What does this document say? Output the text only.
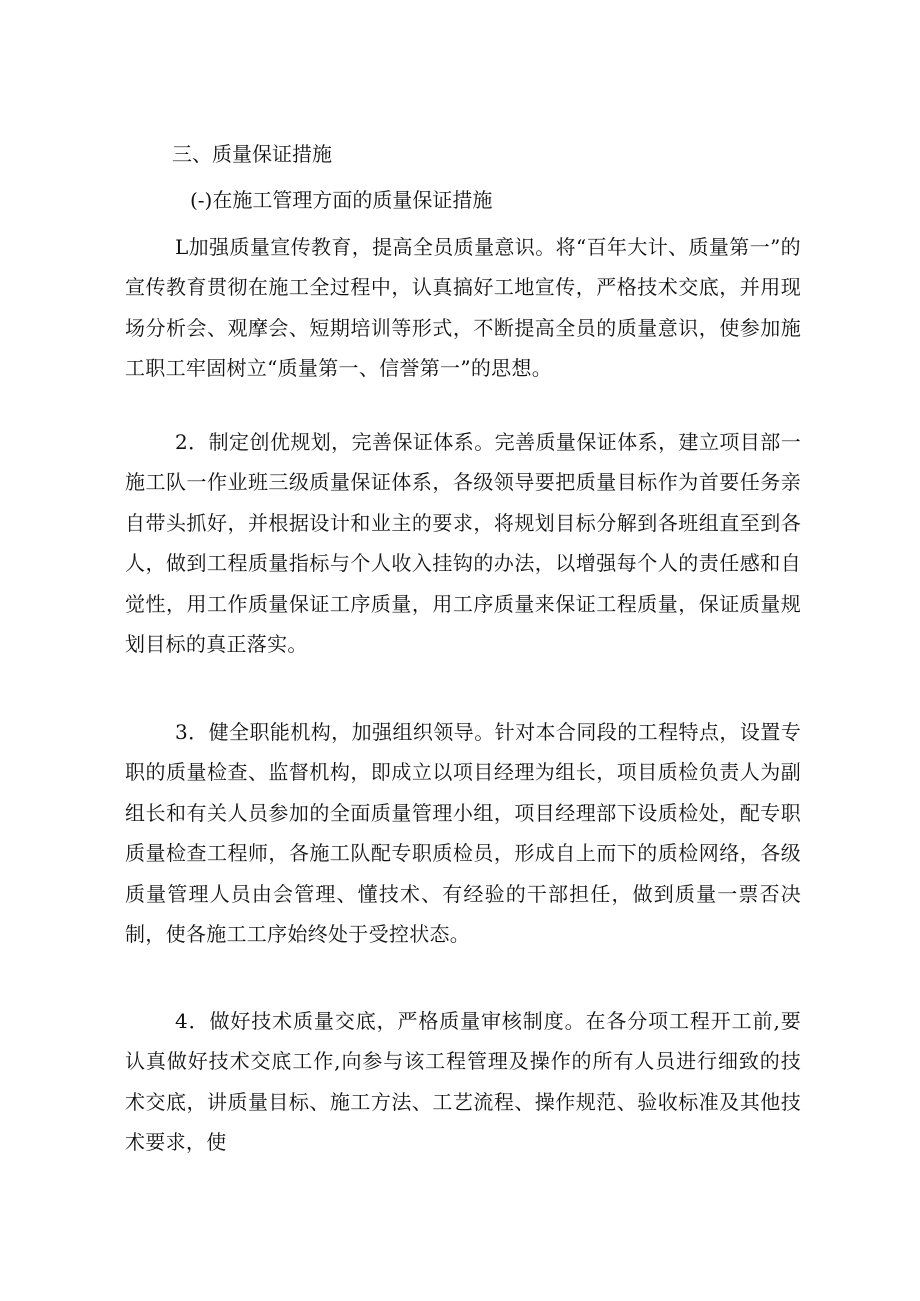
三、质量保证措施
(-)在施工管理方面的质量保证措施

L加强质量宣传教育，提高全员质量意识。将“百年大计、质量第一”的宣传教育贯彻在施工全过程中，认真搞好工地宣传，严格技术交底，并用现场分析会、观摩会、短期培训等形式，不断提高全员的质量意识，使参加施工职工牢固树立“质量第一、信誉第一”的思想。

2．制定创优规划，完善保证体系。完善质量保证体系，建立项目部一施工队一作业班三级质量保证体系，各级领导要把质量目标作为首要任务亲自带头抓好，并根据设计和业主的要求，将规划目标分解到各班组直至到各人，做到工程质量指标与个人收入挂钩的办法，以增强每个人的责任感和自觉性，用工作质量保证工序质量，用工序质量来保证工程质量，保证质量规划目标的真正落实。

3．健全职能机构，加强组织领导。针对本合同段的工程特点，设置专职的质量检查、监督机构，即成立以项目经理为组长，项目质检负责人为副组长和有关人员参加的全面质量管理小组，项目经理部下设质检处，配专职质量检查工程师，各施工队配专职质检员，形成自上而下的质检网络，各级质量管理人员由会管理、懂技术、有经验的干部担任，做到质量一票否决制，使各施工工序始终处于受控状态。

4．做好技术质量交底，严格质量审核制度。在各分项工程开工前,要认真做好技术交底工作,向参与该工程管理及操作的所有人员进行细致的技术交底，讲质量目标、施工方法、工艺流程、操作规范、验收标准及其他技术要求，使
